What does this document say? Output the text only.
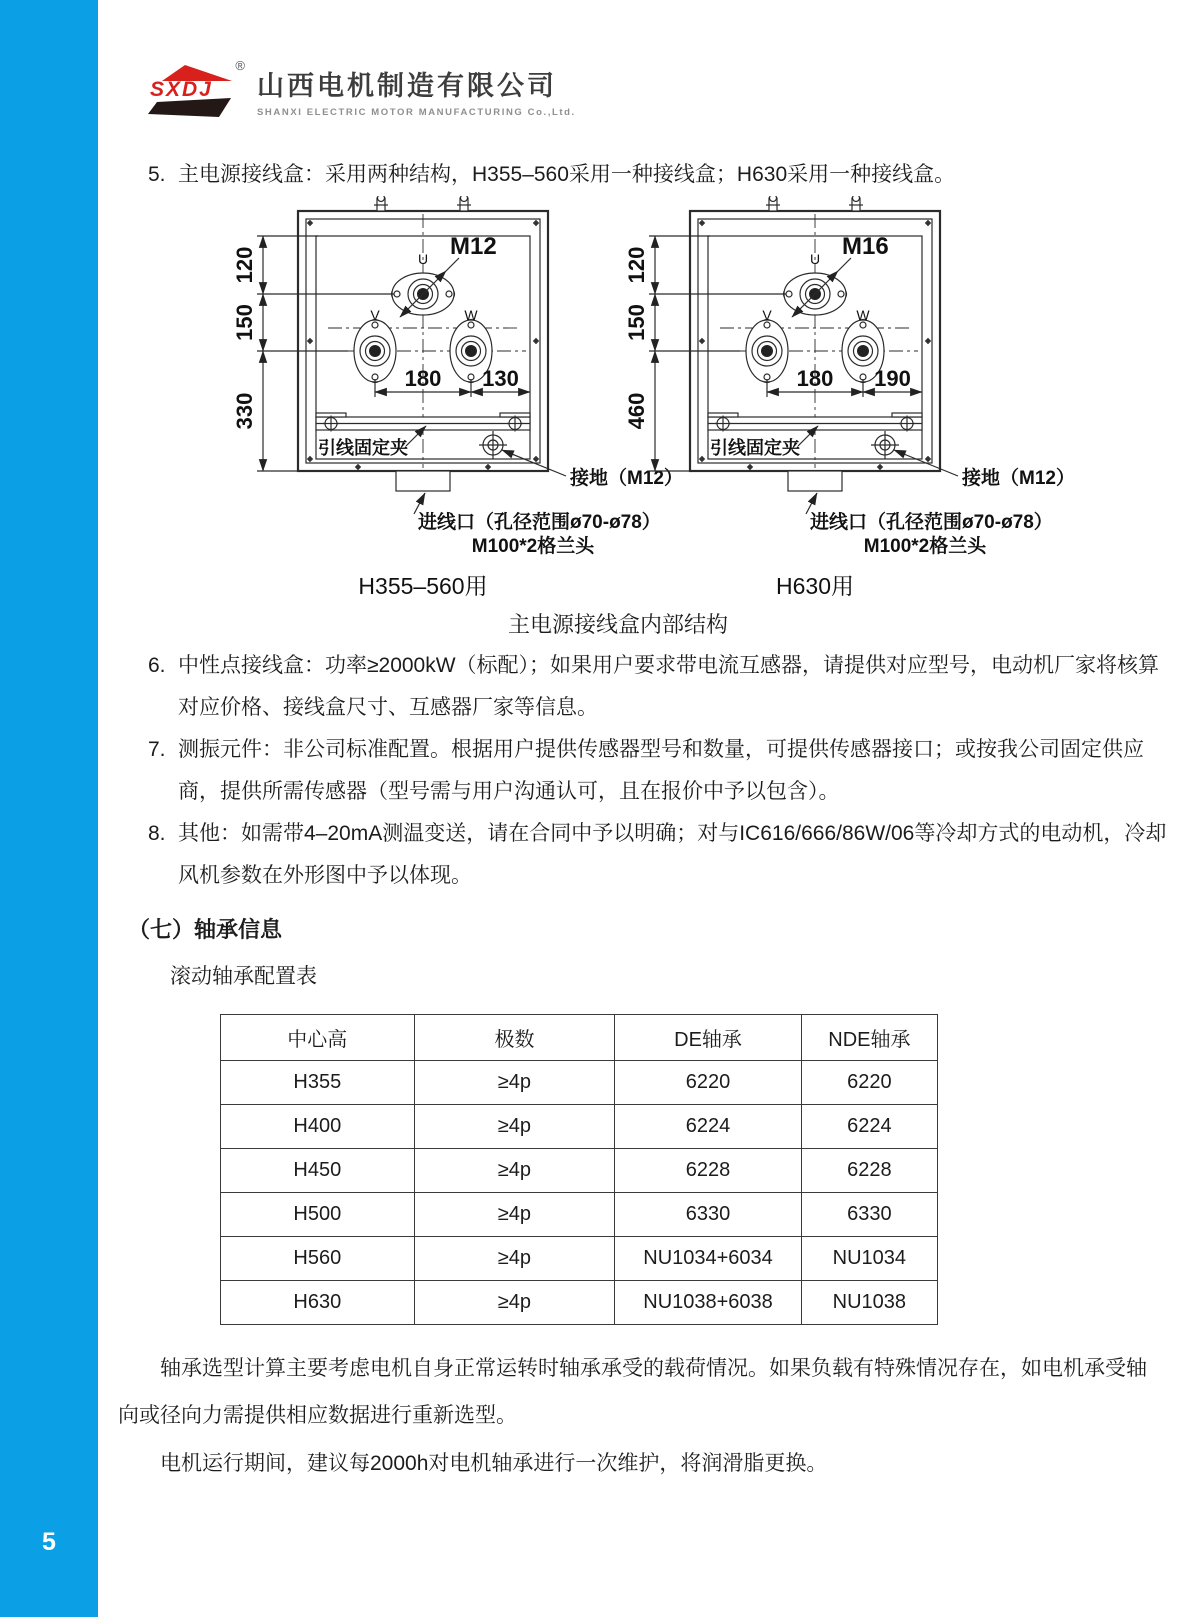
5
SXDJ
®
山西电机制造有限公司
SHANXI ELECTRIC MOTOR MANUFACTURING Co.,Ltd.
5. 主电源接线盒：采用两种结构，H355–560采用一种接线盒；H630采用一种接线盒。
U
V	W
M12
120
150
330
180 130
引线固定夹
接地（M12）
进线口（孔径范围ø70-ø78）
M100*2格兰头
H355–560用
U
V	W
M16
120
150
460
180 190
引线固定夹
接地（M12）
进线口（孔径范围ø70-ø78）
M100*2格兰头
H630用
主电源接线盒内部结构
6. 中性点接线盒：功率≥2000kW（标配）；如果用户要求带电流互感器，请提供对应型号，电动机厂家将核算对应价格、接线盒尺寸、互感器厂家等信息。
7. 测振元件：非公司标准配置。根据用户提供传感器型号和数量，可提供传感器接口；或按我公司固定供应商，提供所需传感器（型号需与用户沟通认可，且在报价中予以包含）。
8. 其他：如需带4–20mA测温变送，请在合同中予以明确；对与IC616/666/86W/06等冷却方式的电动机，冷却风机参数在外形图中予以体现。
（七）轴承信息
滚动轴承配置表
中心高	极数	DE轴承	NDE轴承
H355	≥4p	6220	6220
H400	≥4p	6224	6224
H450	≥4p	6228	6228
H500	≥4p	6330	6330
H560	≥4p	NU1034+6034	NU1034
H630	≥4p	NU1038+6038	NU1038

轴承选型计算主要考虑电机自身正常运转时轴承承受的载荷情况。如果负载有特殊情况存在，如电机承受轴向或径向力需提供相应数据进行重新选型。

电机运行期间，建议每2000h对电机轴承进行一次维护，将润滑脂更换。
